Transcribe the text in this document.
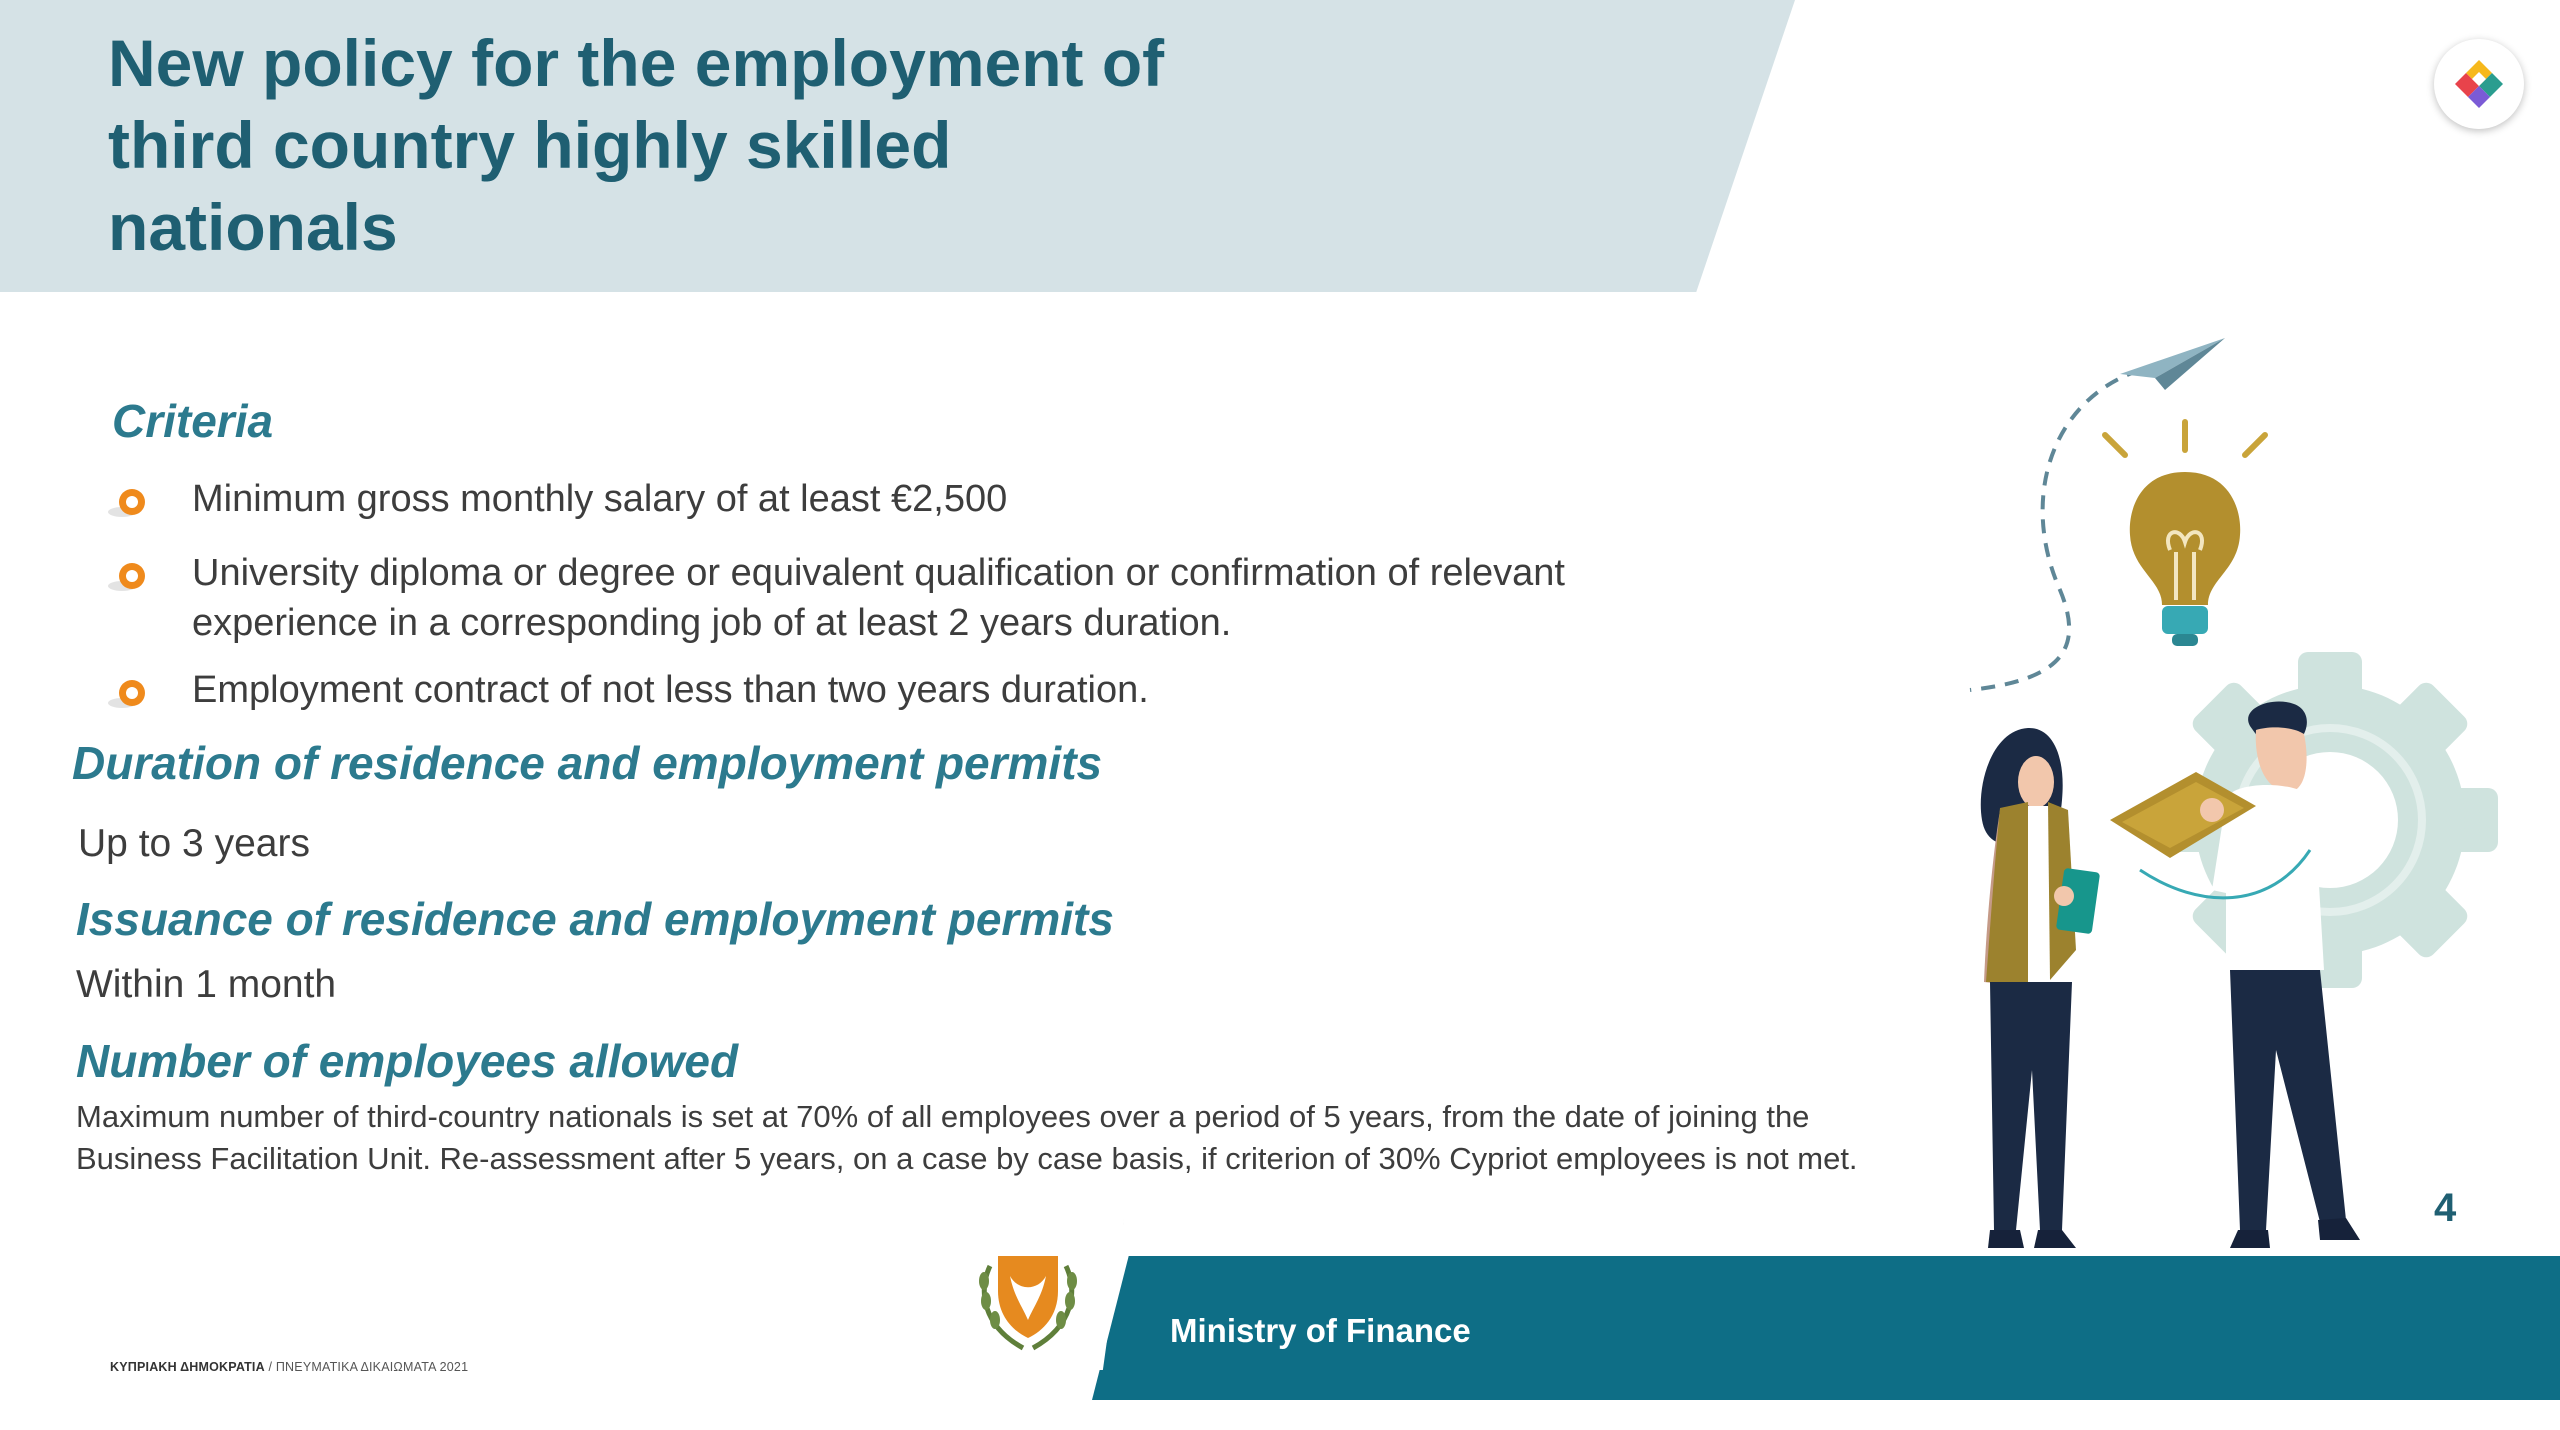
New policy for the employment of third country highly skilled nationals
Criteria
Minimum gross monthly salary of at least €2,500
University diploma or degree or equivalent qualification or confirmation of relevant experience in a corresponding job of at least 2 years duration.
Employment contract of not less than two years duration.
Duration of residence and employment permits

Up to 3 years

Issuance of residence and employment permits

Within 1 month

Number of employees allowed

Maximum number of third-country nationals is set at 70% of all employees over a period of 5 years, from the date of joining the Business Facilitation Unit. Re-assessment after 5 years, on a case by case basis, if criterion of 30% Cypriot employees is not met.

4
Ministry of Finance
ΚΥΠΡΙΑΚΗ ΔΗΜΟΚΡΑΤΙΑ / ΠΝΕΥΜΑΤΙΚΑ ΔΙΚΑΙΩΜΑΤΑ 2021
